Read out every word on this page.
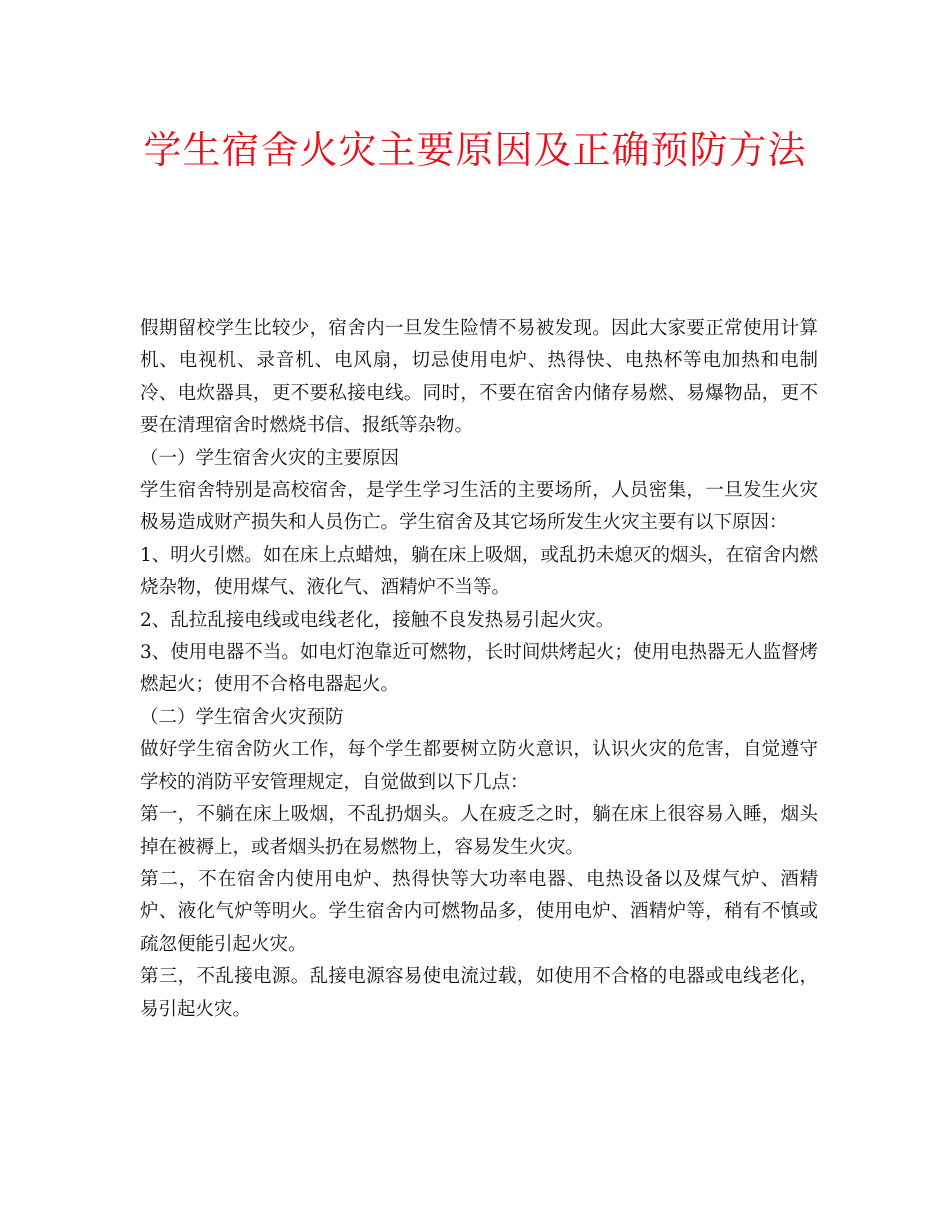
学生宿舍火灾主要原因及正确预防方法

假期留校学生比较少，宿舍内一旦发生险情不易被发现。因此大家要正常使用计算机、电视机、录音机、电风扇，切忌使用电炉、热得快、电热杯等电加热和电制冷、电炊器具，更不要私接电线。同时，不要在宿舍内储存易燃、易爆物品，更不要在清理宿舍时燃烧书信、报纸等杂物。

（一）学生宿舍火灾的主要原因

学生宿舍特别是高校宿舍，是学生学习生活的主要场所，人员密集，一旦发生火灾极易造成财产损失和人员伤亡。学生宿舍及其它场所发生火灾主要有以下原因：

1、明火引燃。如在床上点蜡烛，躺在床上吸烟，或乱扔未熄灭的烟头，在宿舍内燃烧杂物，使用煤气、液化气、酒精炉不当等。

2、乱拉乱接电线或电线老化，接触不良发热易引起火灾。

3、使用电器不当。如电灯泡靠近可燃物，长时间烘烤起火；使用电热器无人监督烤燃起火；使用不合格电器起火。

（二）学生宿舍火灾预防

做好学生宿舍防火工作，每个学生都要树立防火意识，认识火灾的危害，自觉遵守学校的消防平安管理规定，自觉做到以下几点：

第一，不躺在床上吸烟，不乱扔烟头。人在疲乏之时，躺在床上很容易入睡，烟头掉在被褥上，或者烟头扔在易燃物上，容易发生火灾。

第二，不在宿舍内使用电炉、热得快等大功率电器、电热设备以及煤气炉、酒精炉、液化气炉等明火。学生宿舍内可燃物品多，使用电炉、酒精炉等，稍有不慎或疏忽便能引起火灾。

第三，不乱接电源。乱接电源容易使电流过载，如使用不合格的电器或电线老化，易引起火灾。
